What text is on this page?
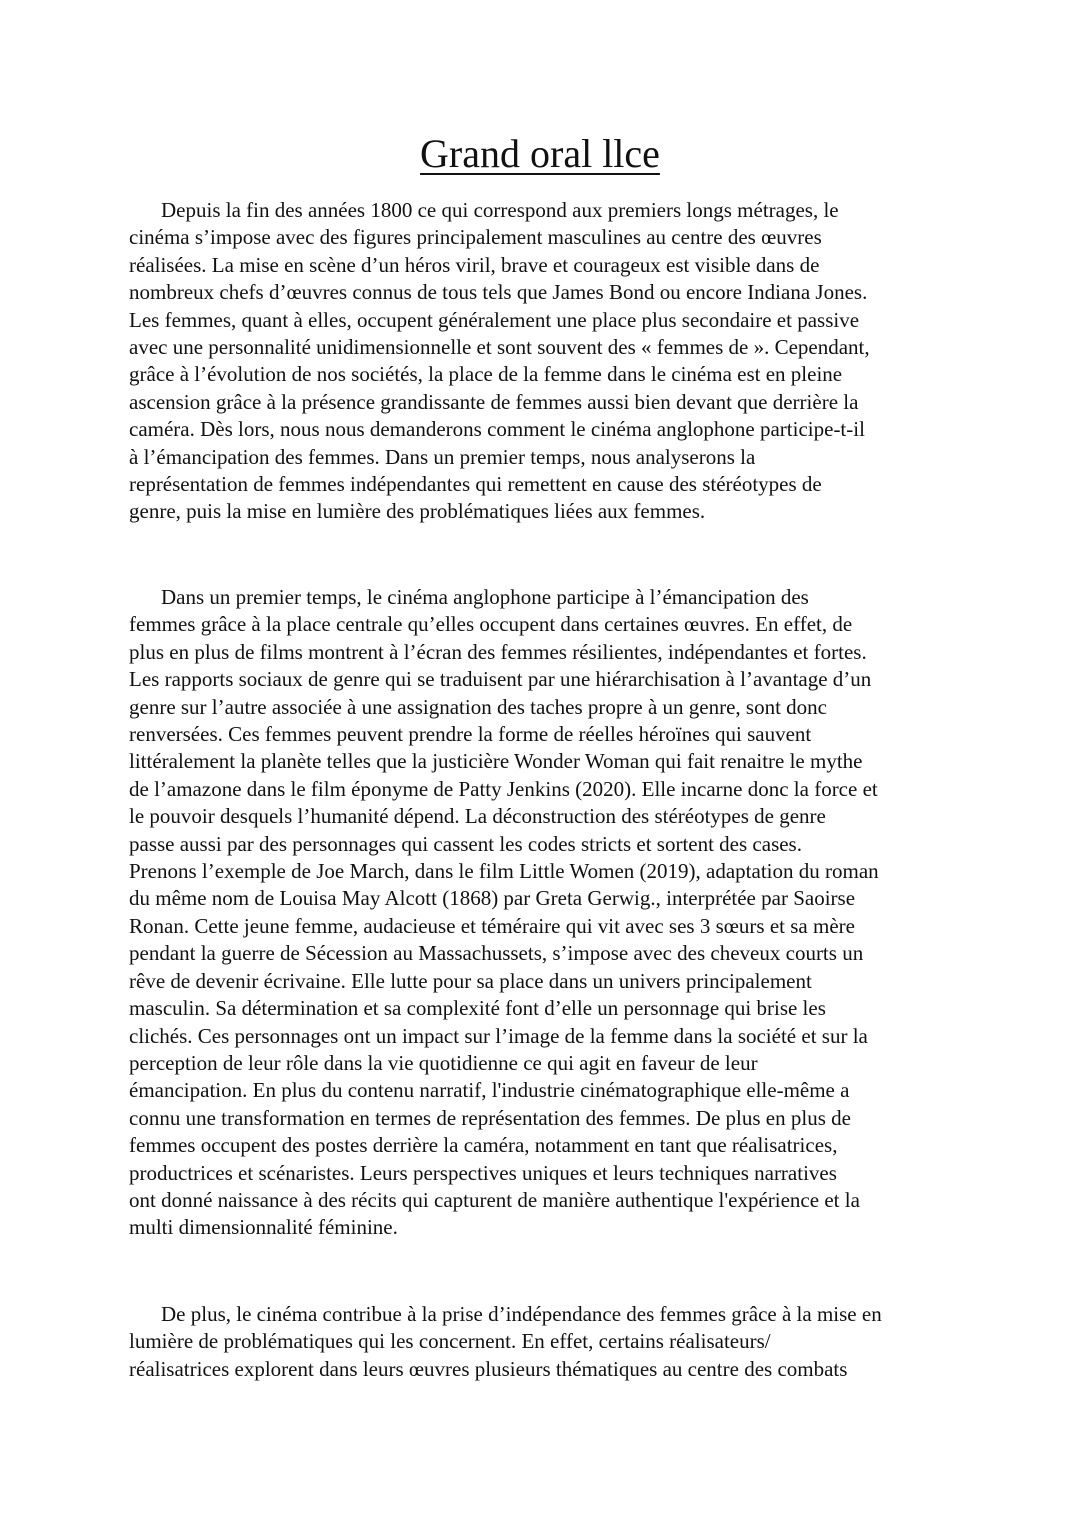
Grand oral llce

Depuis la fin des années 1800 ce qui correspond aux premiers longs métrages, le
cinéma s’impose avec des figures principalement masculines au centre des œuvres
réalisées. La mise en scène d’un héros viril, brave et courageux est visible dans de
nombreux chefs d’œuvres connus de tous tels que James Bond ou encore Indiana Jones.
Les femmes, quant à elles, occupent généralement une place plus secondaire et passive
avec une personnalité unidimensionnelle et sont souvent des « femmes de ». Cependant,
grâce à l’évolution de nos sociétés, la place de la femme dans le cinéma est en pleine
ascension grâce à la présence grandissante de femmes aussi bien devant que derrière la
caméra. Dès lors, nous nous demanderons comment le cinéma anglophone participe-t-il
à l’émancipation des femmes. Dans un premier temps, nous analyserons la
représentation de femmes indépendantes qui remettent en cause des stéréotypes de
genre, puis la mise en lumière des problématiques liées aux femmes.

Dans un premier temps, le cinéma anglophone participe à l’émancipation des
femmes grâce à la place centrale qu’elles occupent dans certaines œuvres. En effet, de
plus en plus de films montrent à l’écran des femmes résilientes, indépendantes et fortes.
Les rapports sociaux de genre qui se traduisent par une hiérarchisation à l’avantage d’un
genre sur l’autre associée à une assignation des taches propre à un genre, sont donc
renversées. Ces femmes peuvent prendre la forme de réelles héroïnes qui sauvent
littéralement la planète telles que la justicière Wonder Woman qui fait renaitre le mythe
de l’amazone dans le film éponyme de Patty Jenkins (2020). Elle incarne donc la force et
le pouvoir desquels l’humanité dépend. La déconstruction des stéréotypes de genre
passe aussi par des personnages qui cassent les codes stricts et sortent des cases.
Prenons l’exemple de Joe March, dans le film Little Women (2019), adaptation du roman
du même nom de Louisa May Alcott (1868) par Greta Gerwig., interprétée par Saoirse
Ronan. Cette jeune femme, audacieuse et téméraire qui vit avec ses 3 sœurs et sa mère
pendant la guerre de Sécession au Massachussets, s’impose avec des cheveux courts un
rêve de devenir écrivaine. Elle lutte pour sa place dans un univers principalement
masculin. Sa détermination et sa complexité font d’elle un personnage qui brise les
clichés. Ces personnages ont un impact sur l’image de la femme dans la société et sur la
perception de leur rôle dans la vie quotidienne ce qui agit en faveur de leur
émancipation. En plus du contenu narratif, l'industrie cinématographique elle-même a
connu une transformation en termes de représentation des femmes. De plus en plus de
femmes occupent des postes derrière la caméra, notamment en tant que réalisatrices,
productrices et scénaristes. Leurs perspectives uniques et leurs techniques narratives
ont donné naissance à des récits qui capturent de manière authentique l'expérience et la
multi dimensionnalité féminine.

De plus, le cinéma contribue à la prise d’indépendance des femmes grâce à la mise en
lumière de problématiques qui les concernent. En effet, certains réalisateurs/
réalisatrices explorent dans leurs œuvres plusieurs thématiques au centre des combats
